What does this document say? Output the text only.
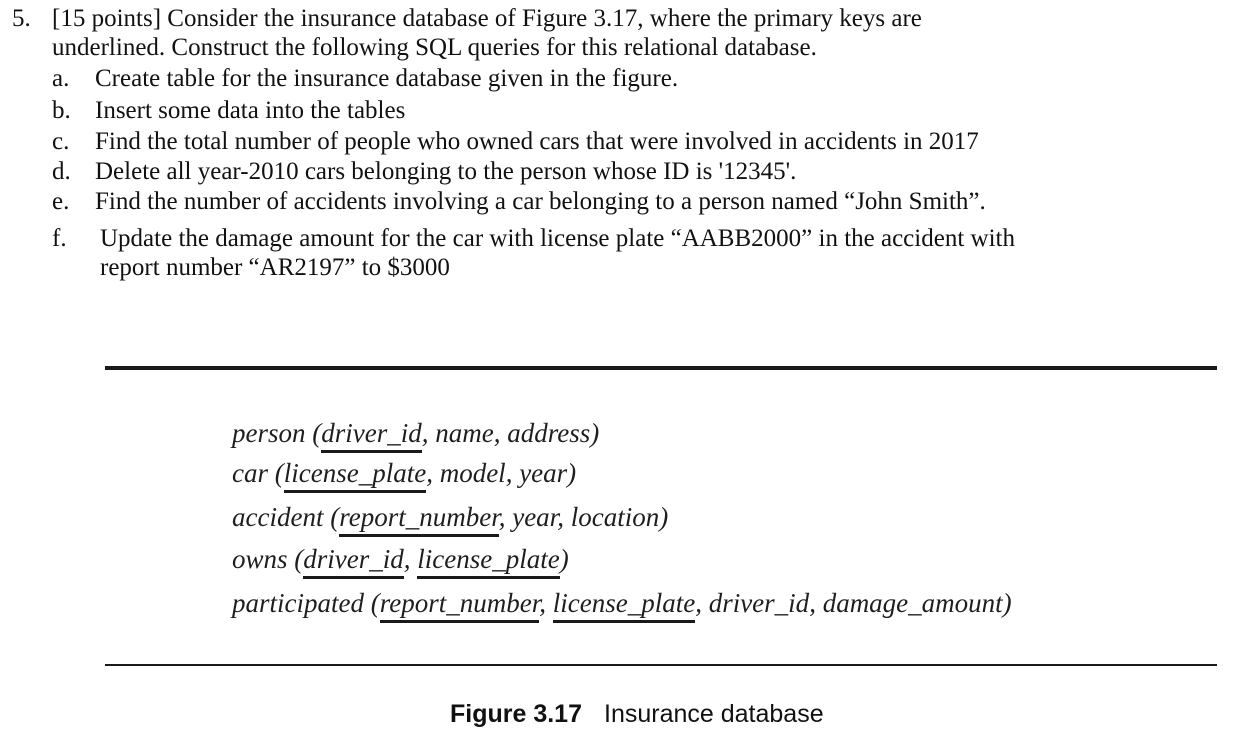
5. [15 points] Consider the insurance database of Figure 3.17, where the primary keys are
underlined. Construct the following SQL queries for this relational database.
a. Create table for the insurance database given in the figure.
b. Insert some data into the tables
c. Find the total number of people who owned cars that were involved in accidents in 2017
d. Delete all year-2010 cars belonging to the person whose ID is '12345'.
e. Find the number of accidents involving a car belonging to a person named “John Smith”.
f. Update the damage amount for the car with license plate “AABB2000” in the accident with
report number “AR2197” to $3000
person (driver_id, name, address)
car (license_plate, model, year)
accident (report_number, year, location)
owns (driver_id, license_plate)
participated (report_number, license_plate, driver_id, damage_amount)
Figure 3.17 Insurance database
